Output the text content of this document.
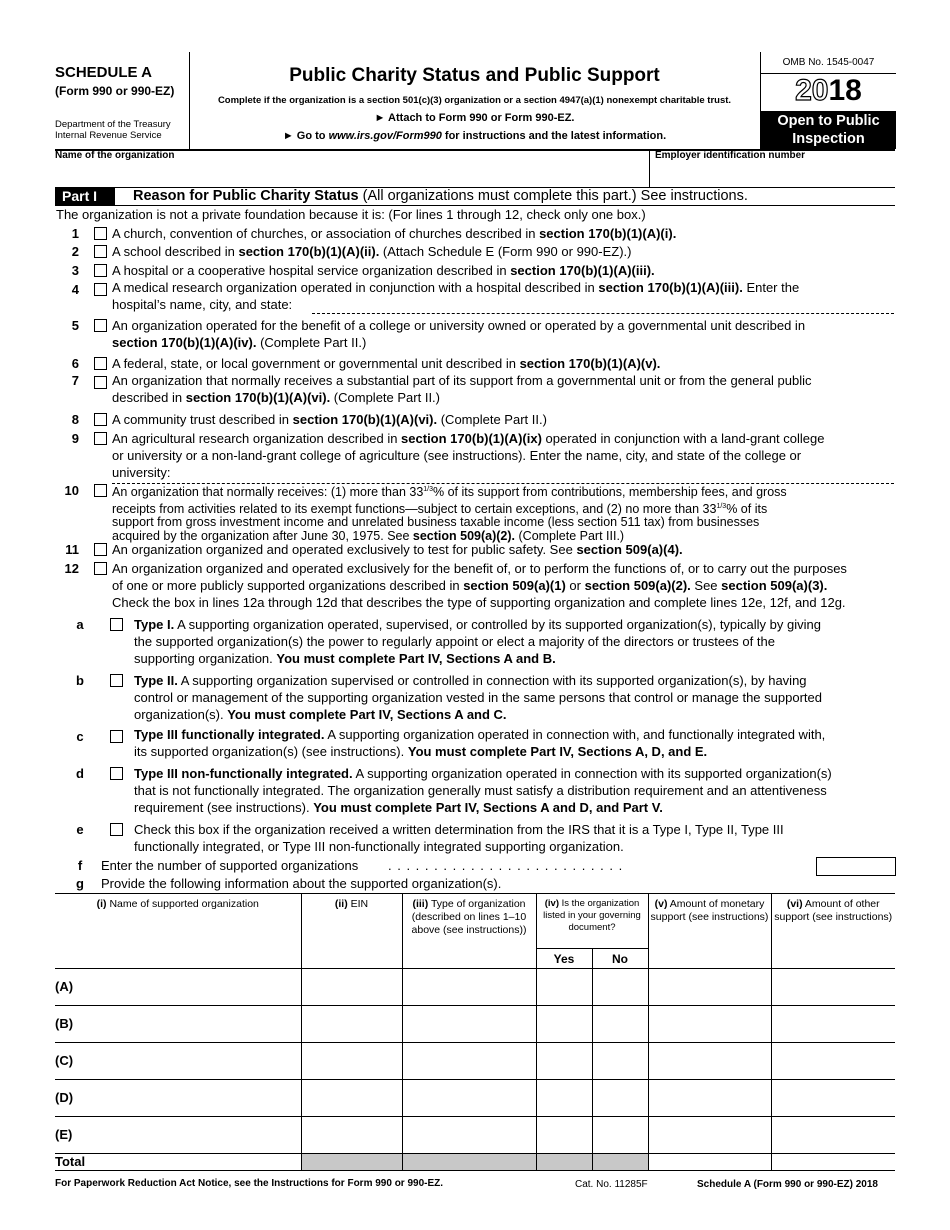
SCHEDULE A
(Form 990 or 990-EZ)
Department of the Treasury
Internal Revenue Service
Public Charity Status and Public Support
Complete if the organization is a section 501(c)(3) organization or a section 4947(a)(1) nonexempt charitable trust.
► Attach to Form 990 or Form 990-EZ.
► Go to www.irs.gov/Form990 for instructions and the latest information.
OMB No. 1545-0047
2018
Open to Public
Inspection
Name of the organization	Employer identification number
Part I	Reason for Public Charity Status (All organizations must complete this part.) See instructions.
The organization is not a private foundation because it is: (For lines 1 through 12, check only one box.)
1	A church, convention of churches, or association of churches described in section 170(b)(1)(A)(i).
2	A school described in section 170(b)(1)(A)(ii). (Attach Schedule E (Form 990 or 990-EZ).)
3	A hospital or a cooperative hospital service organization described in section 170(b)(1)(A)(iii).
4	A medical research organization operated in conjunction with a hospital described in section 170(b)(1)(A)(iii). Enter the
hospital’s name, city, and state:
5	An organization operated for the benefit of a college or university owned or operated by a governmental unit described in
section 170(b)(1)(A)(iv). (Complete Part II.)
6	A federal, state, or local government or governmental unit described in section 170(b)(1)(A)(v).
7	An organization that normally receives a substantial part of its support from a governmental unit or from the general public
described in section 170(b)(1)(A)(vi). (Complete Part II.)
8	A community trust described in section 170(b)(1)(A)(vi). (Complete Part II.)
9	An agricultural research organization described in section 170(b)(1)(A)(ix) operated in conjunction with a land-grant college
or university or a non-land-grant college of agriculture (see instructions). Enter the name, city, and state of the college or
university:
10	An organization that normally receives: (1) more than $33^{1/3}\%$ of its support from contributions, membership fees, and gross
receipts from activities related to its exempt functions—subject to certain exceptions, and (2) no more than $33^{1/3}\%$ of its
support from gross investment income and unrelated business taxable income (less section 511 tax) from businesses
acquired by the organization after June 30, 1975. See section 509(a)(2). (Complete Part III.)
11	An organization organized and operated exclusively to test for public safety. See section 509(a)(4).
12	An organization organized and operated exclusively for the benefit of, or to perform the functions of, or to carry out the purposes
of one or more publicly supported organizations described in section 509(a)(1) or section 509(a)(2). See section 509(a)(3).
Check the box in lines 12a through 12d that describes the type of supporting organization and complete lines 12e, 12f, and 12g.
a	Type I. A supporting organization operated, supervised, or controlled by its supported organization(s), typically by giving
the supported organization(s) the power to regularly appoint or elect a majority of the directors or trustees of the
supporting organization. You must complete Part IV, Sections A and B.
b	Type II. A supporting organization supervised or controlled in connection with its supported organization(s), by having
control or management of the supporting organization vested in the same persons that control or manage the supported
organization(s). You must complete Part IV, Sections A and C.
c	Type III functionally integrated. A supporting organization operated in connection with, and functionally integrated with,
its supported organization(s) (see instructions). You must complete Part IV, Sections A, D, and E.
d	Type III non-functionally integrated. A supporting organization operated in connection with its supported organization(s)
that is not functionally integrated. The organization generally must satisfy a distribution requirement and an attentiveness
requirement (see instructions). You must complete Part IV, Sections A and D, and Part V.
e	Check this box if the organization received a written determination from the IRS that it is a Type I, Type II, Type III
functionally integrated, or Type III non-functionally integrated supporting organization.
f	Enter the number of supported organizations . . . . . . . . . . . . . . . . . . . . . . . . . .
g	Provide the following information about the supported organization(s).
(i) Name of supported organization	(ii) EIN	(iii) Type of organization (described on lines 1–10 above (see instructions))	(iv) Is the organization listed in your governing document?		(v) Amount of monetary support (see instructions)	(vi) Amount of other support (see instructions)
			Yes	No		
(A)						
(B)						
(C)						
(D)						
(E)						
Total						
For Paperwork Reduction Act Notice, see the Instructions for Form 990 or 990-EZ.	Cat. No. 11285F	Schedule A (Form 990 or 990-EZ) 2018
